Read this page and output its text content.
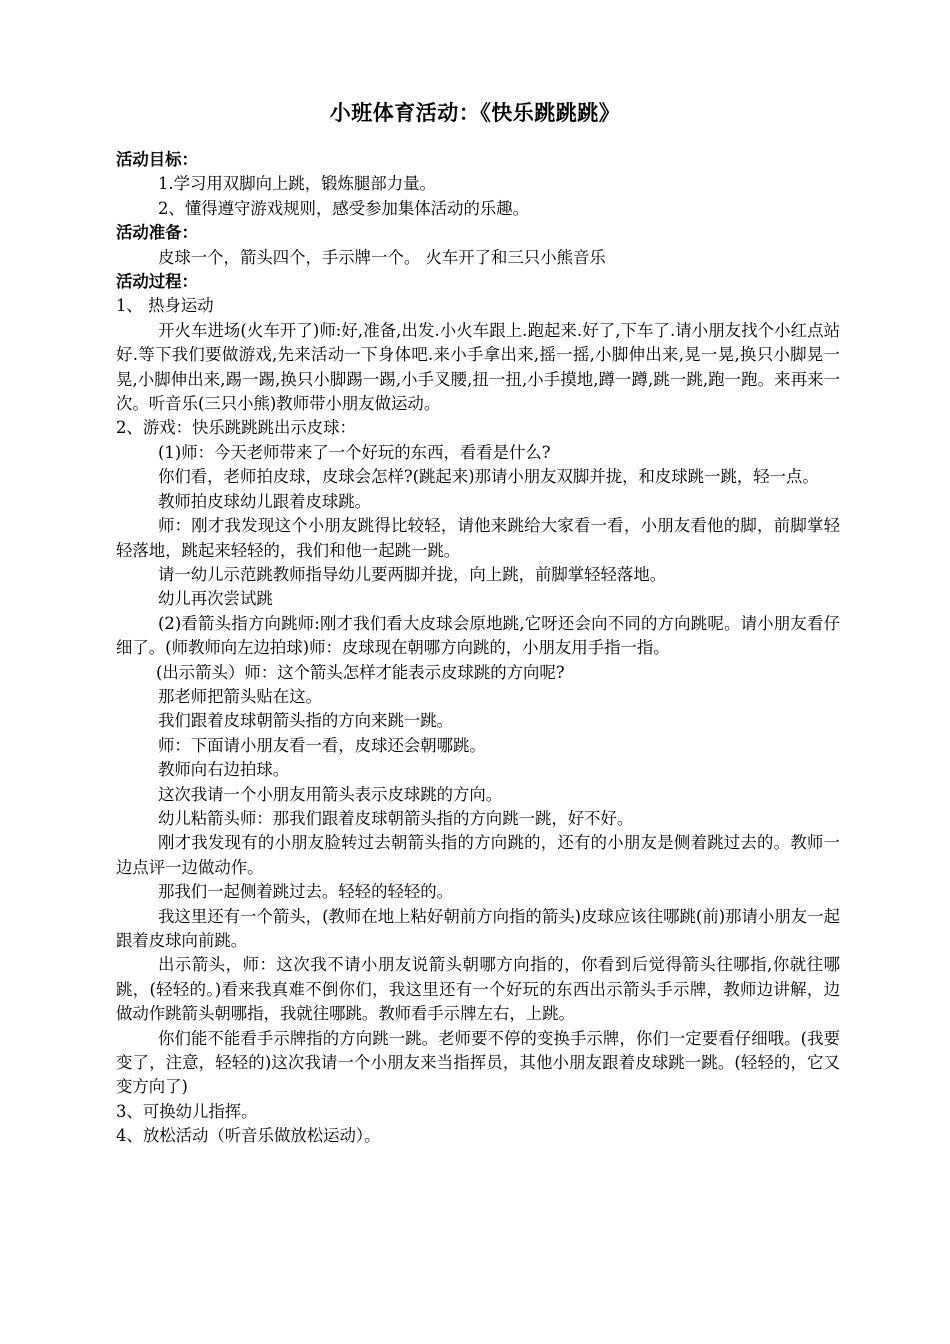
小班体育活动：《快乐跳跳跳》

活动目标：

1.学习用双脚向上跳，锻炼腿部力量。

2、懂得遵守游戏规则，感受参加集体活动的乐趣。

活动准备：

皮球一个，箭头四个，手示牌一个。 火车开了和三只小熊音乐

活动过程：

1、 热身运动

开火车进场(火车开了)师:好,准备,出发.小火车跟上.跑起来.好了,下车了.请小朋友找个小红点站好.等下我们要做游戏,先来活动一下身体吧.来小手拿出来,摇一摇,小脚伸出来,晃一晃,换只小脚晃一晃,小脚伸出来,踢一踢,换只小脚踢一踢,小手叉腰,扭一扭,小手摸地,蹲一蹲,跳一跳,跑一跑。来再来一次。听音乐(三只小熊)教师带小朋友做运动。

2、游戏：快乐跳跳跳出示皮球：

(1)师：今天老师带来了一个好玩的东西，看看是什么?

你们看，老师拍皮球，皮球会怎样?(跳起来)那请小朋友双脚并拢，和皮球跳一跳，轻一点。

教师拍皮球幼儿跟着皮球跳。

师：刚才我发现这个小朋友跳得比较轻，请他来跳给大家看一看，小朋友看他的脚，前脚掌轻轻落地，跳起来轻轻的，我们和他一起跳一跳。

请一幼儿示范跳教师指导幼儿要两脚并拢，向上跳，前脚掌轻轻落地。

幼儿再次尝试跳

(2)看箭头指方向跳师:刚才我们看大皮球会原地跳,它呀还会向不同的方向跳呢。请小朋友看仔细了。(师教师向左边拍球)师：皮球现在朝哪方向跳的，小朋友用手指一指。

(出示箭头）师：这个箭头怎样才能表示皮球跳的方向呢?

那老师把箭头贴在这。

我们跟着皮球朝箭头指的方向来跳一跳。

师：下面请小朋友看一看，皮球还会朝哪跳。

教师向右边拍球。

这次我请一个小朋友用箭头表示皮球跳的方向。

幼儿粘箭头师：那我们跟着皮球朝箭头指的方向跳一跳，好不好。

刚才我发现有的小朋友脸转过去朝箭头指的方向跳的，还有的小朋友是侧着跳过去的。教师一边点评一边做动作。

那我们一起侧着跳过去。轻轻的轻轻的。

我这里还有一个箭头，(教师在地上粘好朝前方向指的箭头)皮球应该往哪跳(前)那请小朋友一起跟着皮球向前跳。

出示箭头，师：这次我不请小朋友说箭头朝哪方向指的，你看到后觉得箭头往哪指,你就往哪跳，(轻轻的。)看来我真难不倒你们，我这里还有一个好玩的东西出示箭头手示牌，教师边讲解，边做动作跳箭头朝哪指，我就往哪跳。教师看手示牌左右，上跳。

你们能不能看手示牌指的方向跳一跳。老师要不停的变换手示牌，你们一定要看仔细哦。(我要变了，注意，轻轻的)这次我请一个小朋友来当指挥员，其他小朋友跟着皮球跳一跳。(轻轻的，它又变方向了)

3、可换幼儿指挥。

4、放松活动（听音乐做放松运动）。
